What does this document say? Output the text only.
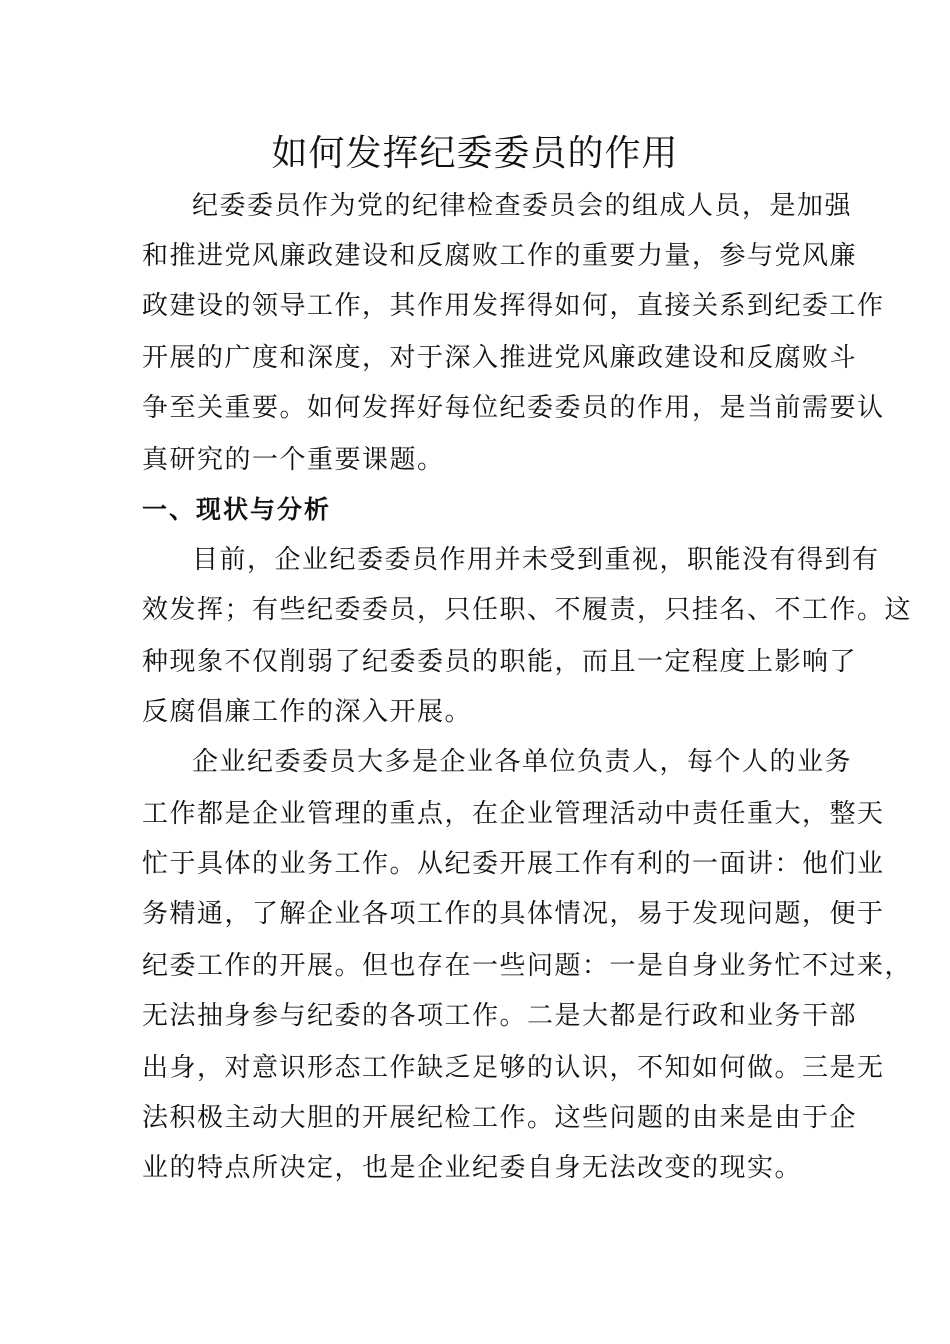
如何发挥纪委委员的作用

纪委委员作为党的纪律检查委员会的组成人员，是加强

和推进党风廉政建设和反腐败工作的重要力量，参与党风廉

政建设的领导工作，其作用发挥得如何，直接关系到纪委工作

开展的广度和深度，对于深入推进党风廉政建设和反腐败斗

争至关重要。如何发挥好每位纪委委员的作用，是当前需要认

真研究的一个重要课题。

一、现状与分析

目前，企业纪委委员作用并未受到重视，职能没有得到有

效发挥；有些纪委委员，只任职、不履责，只挂名、不工作。这

种现象不仅削弱了纪委委员的职能，而且一定程度上影响了

反腐倡廉工作的深入开展。

企业纪委委员大多是企业各单位负责人，每个人的业务

工作都是企业管理的重点，在企业管理活动中责任重大，整天

忙于具体的业务工作。从纪委开展工作有利的一面讲：他们业

务精通，了解企业各项工作的具体情况，易于发现问题，便于

纪委工作的开展。但也存在一些问题：一是自身业务忙不过来，

无法抽身参与纪委的各项工作。二是大都是行政和业务干部

出身，对意识形态工作缺乏足够的认识，不知如何做。三是无

法积极主动大胆的开展纪检工作。这些问题的由来是由于企

业的特点所决定，也是企业纪委自身无法改变的现实。
